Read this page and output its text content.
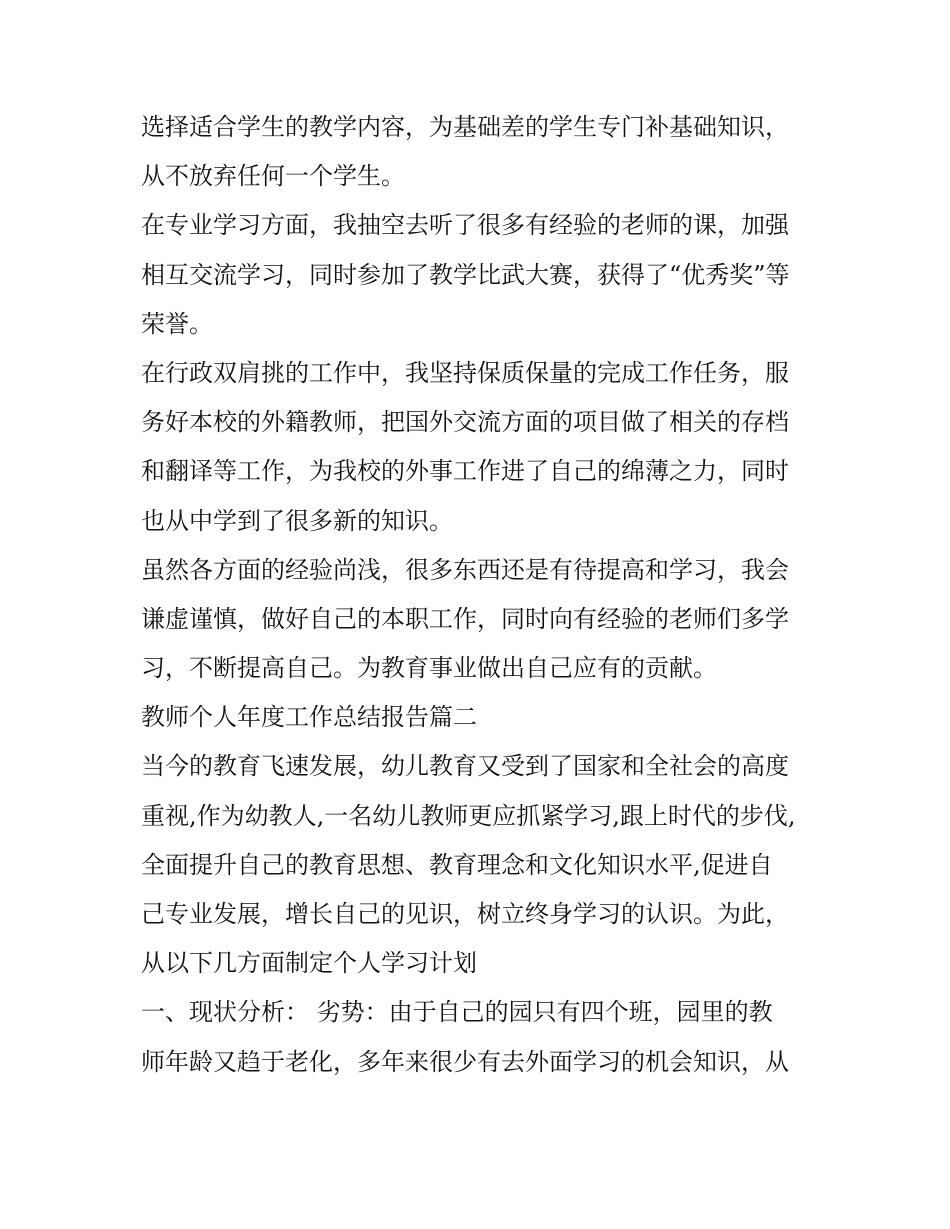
选择适合学生的教学内容，为基础差的学生专门补基础知识，
从不放弃任何一个学生。
在专业学习方面，我抽空去听了很多有经验的老师的课，加强
相互交流学习，同时参加了教学比武大赛，获得了“优秀奖”等
荣誉。
在行政双肩挑的工作中，我坚持保质保量的完成工作任务，服
务好本校的外籍教师，把国外交流方面的项目做了相关的存档
和翻译等工作，为我校的外事工作进了自己的绵薄之力，同时
也从中学到了很多新的知识。
虽然各方面的经验尚浅，很多东西还是有待提高和学习，我会
谦虚谨慎，做好自己的本职工作，同时向有经验的老师们多学
习，不断提高自己。为教育事业做出自己应有的贡献。
教师个人年度工作总结报告篇二
当今的教育飞速发展，幼儿教育又受到了国家和全社会的高度
重视,作为幼教人,一名幼儿教师更应抓紧学习,跟上时代的步伐,
全面提升自己的教育思想、教育理念和文化知识水平,促进自
己专业发展，增长自己的见识，树立终身学习的认识。为此，
从以下几方面制定个人学习计划
一、现状分析： 劣势：由于自己的园只有四个班，园里的教
师年龄又趋于老化，多年来很少有去外面学习的机会知识，从
